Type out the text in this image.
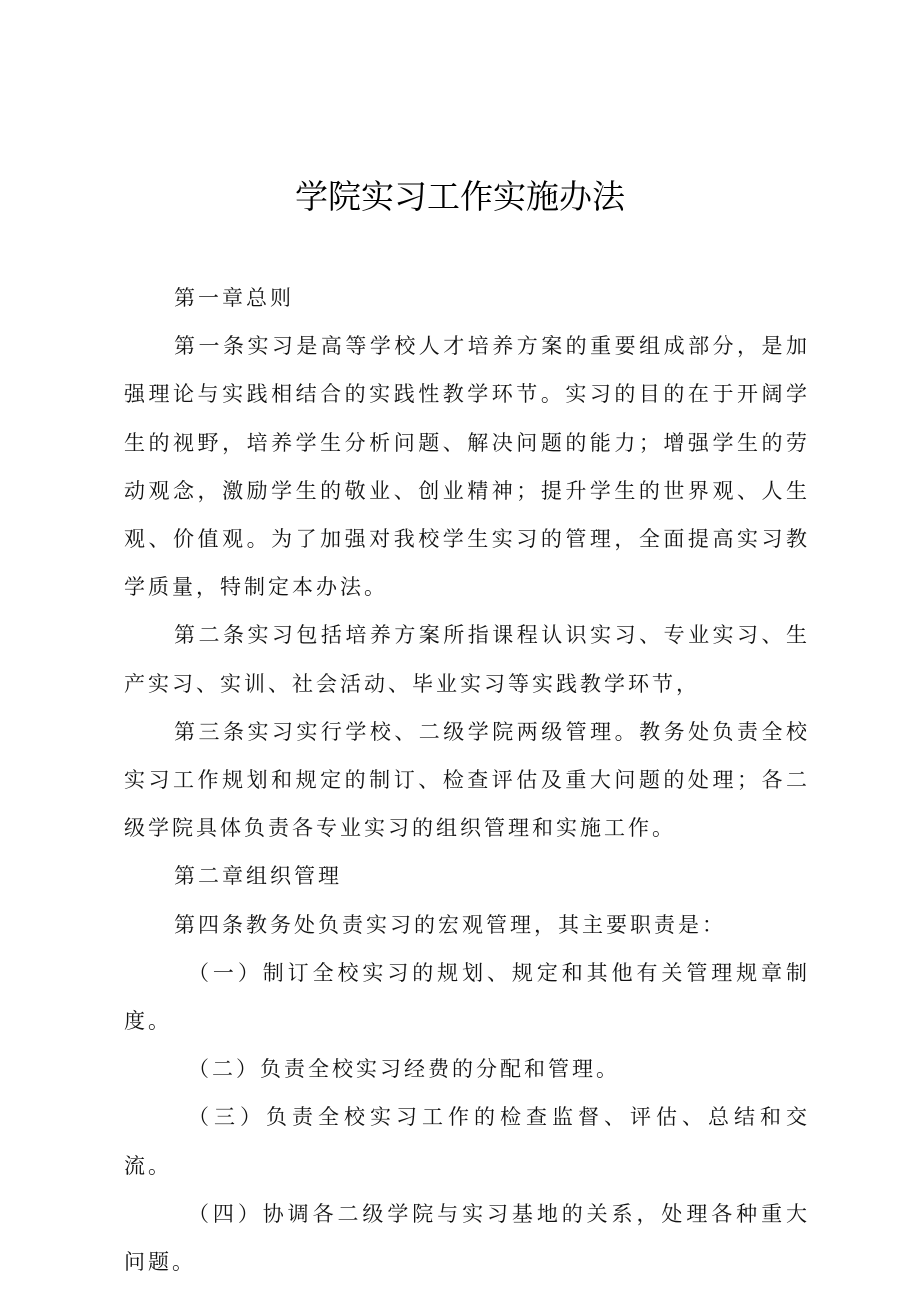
学院实习工作实施办法

第一章总则

第一条实习是高等学校人才培养方案的重要组成部分，是加强理论与实践相结合的实践性教学环节。实习的目的在于开阔学生的视野，培养学生分析问题、解决问题的能力；增强学生的劳动观念，激励学生的敬业、创业精神；提升学生的世界观、人生观、价值观。为了加强对我校学生实习的管理，全面提高实习教学质量，特制定本办法。

第二条实习包括培养方案所指课程认识实习、专业实习、生产实习、实训、社会活动、毕业实习等实践教学环节，

第三条实习实行学校、二级学院两级管理。教务处负责全校实习工作规划和规定的制订、检查评估及重大问题的处理；各二级学院具体负责各专业实习的组织管理和实施工作。

第二章组织管理

第四条教务处负责实习的宏观管理，其主要职责是：

（一）制订全校实习的规划、规定和其他有关管理规章制度。

（二）负责全校实习经费的分配和管理。

（三）负责全校实习工作的检查监督、评估、总结和交流。

（四）协调各二级学院与实习基地的关系，处理各种重大问题。
